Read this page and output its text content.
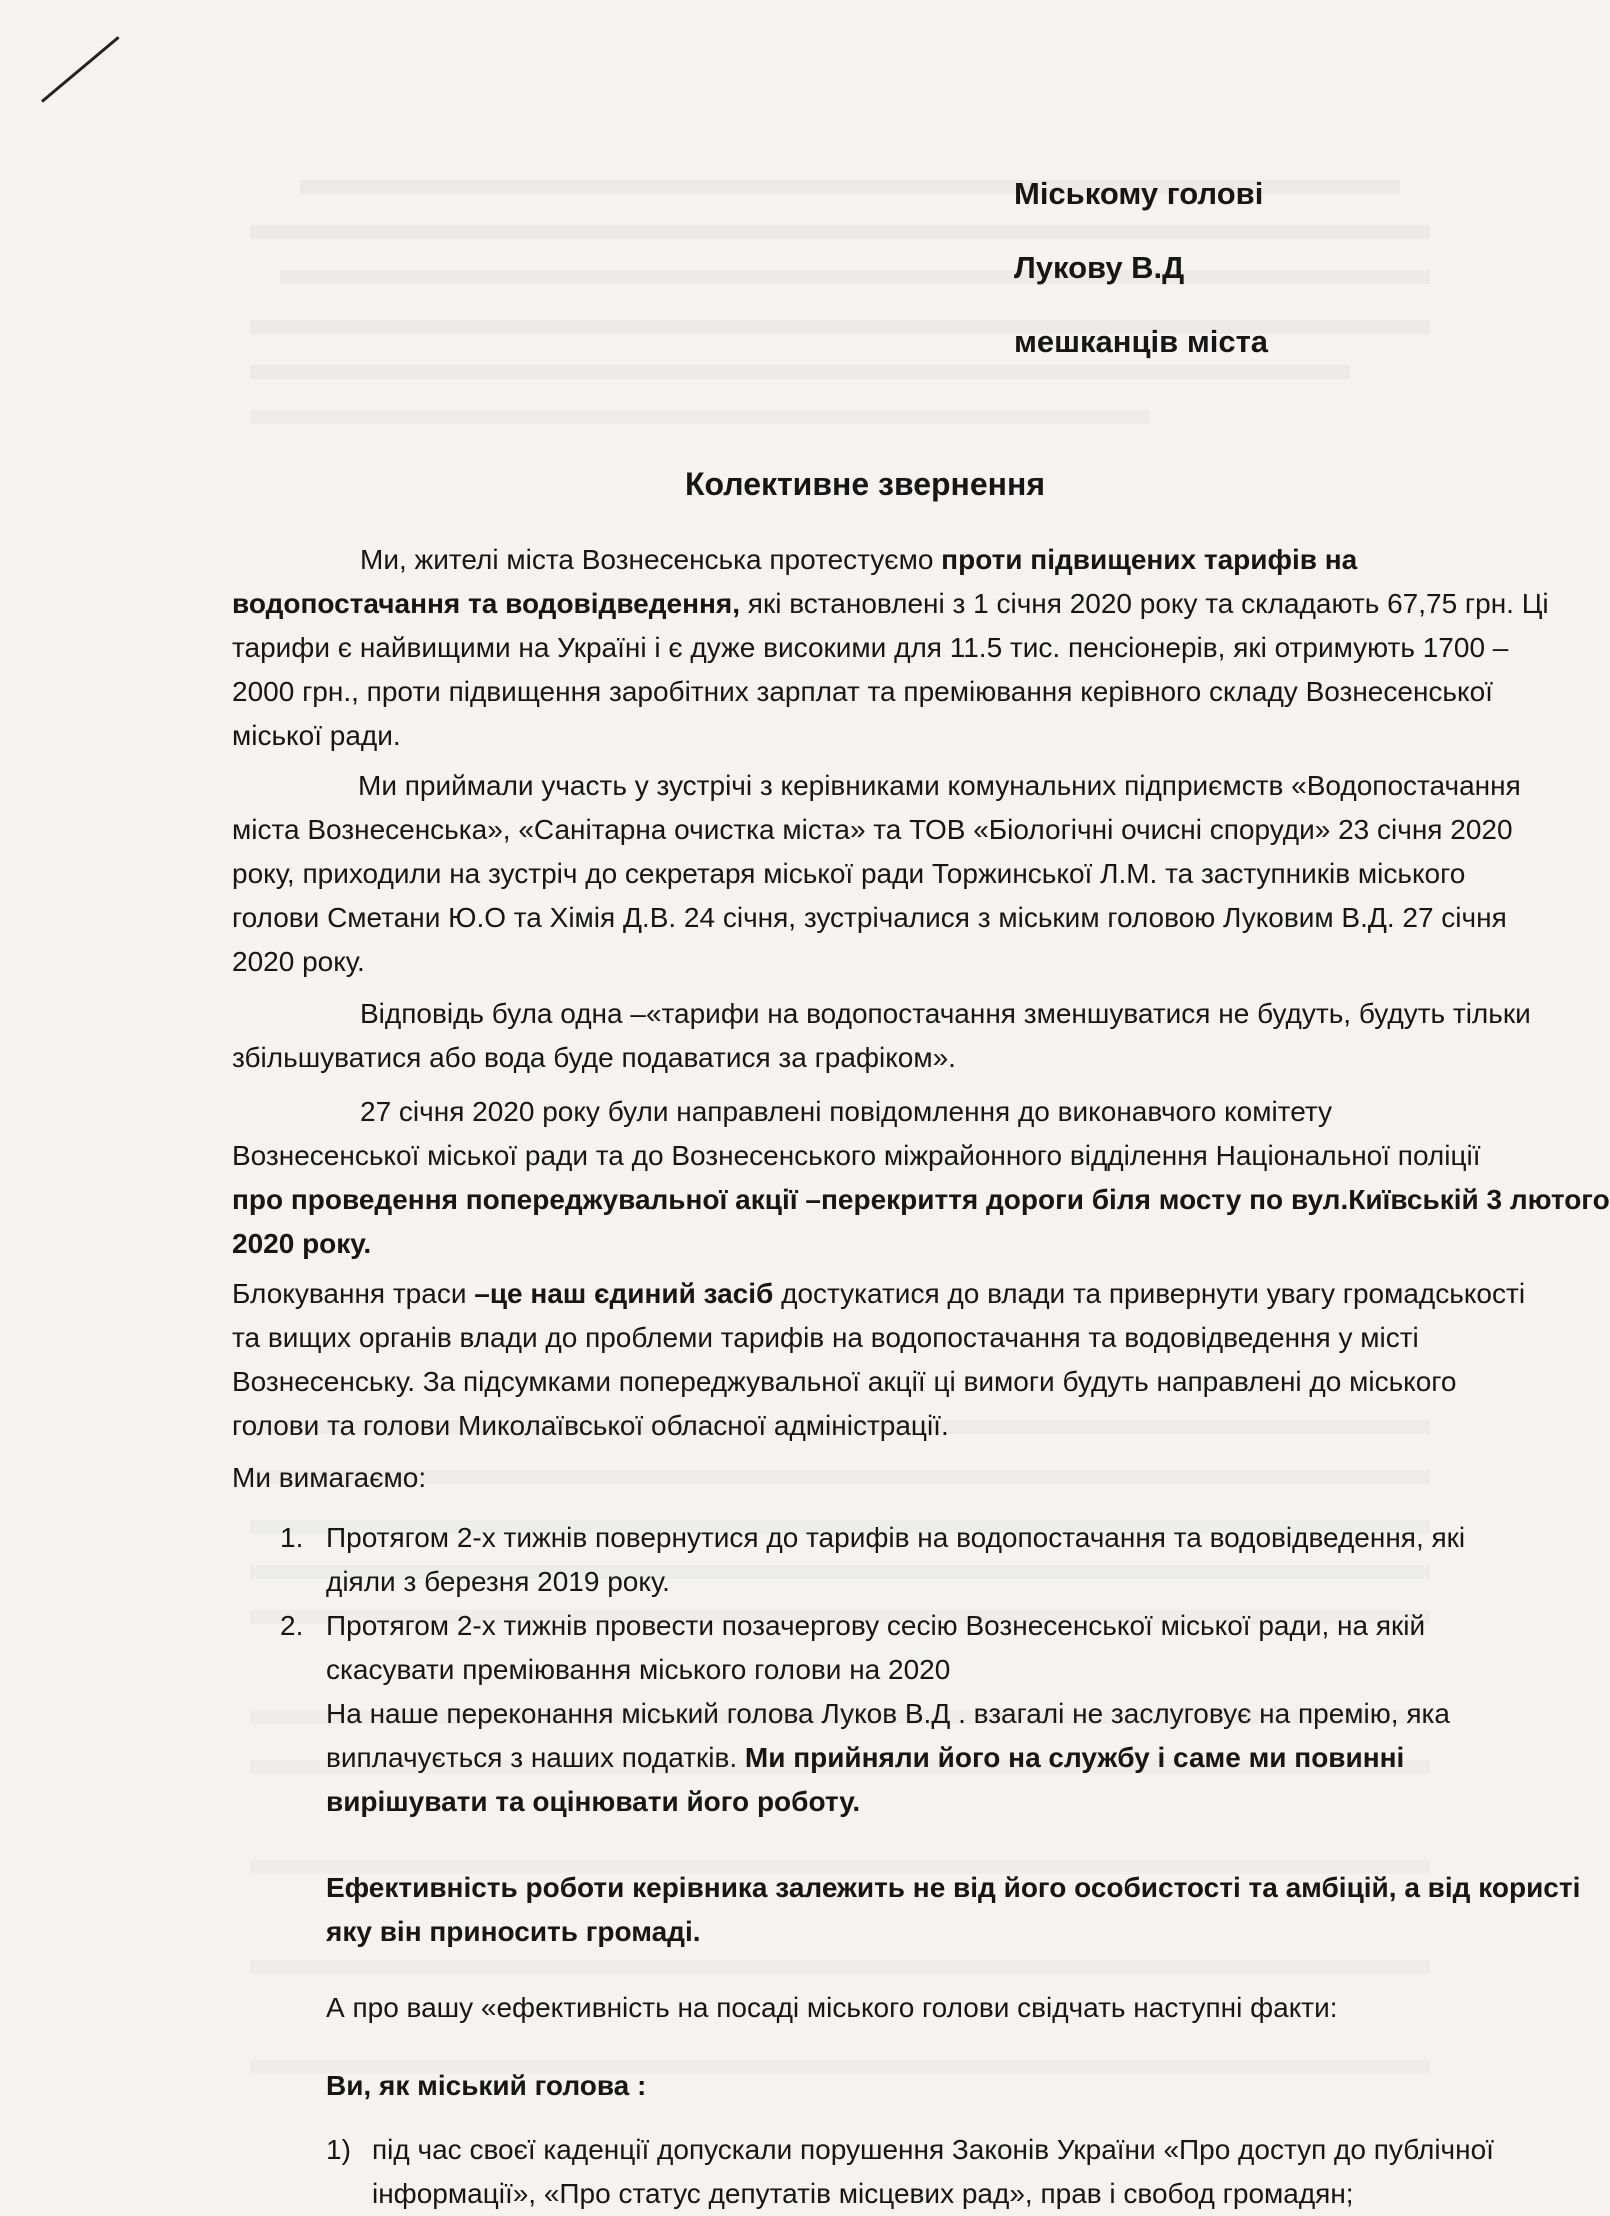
Міському голові
Лукову В.Д
мешканців міста
Колективне звернення
Ми, жителі міста Вознесенська протестуємо проти підвищених тарифів на
водопостачання та водовідведення, які встановлені з 1 січня 2020 року та складають 67,75 грн. Ці
тарифи є найвищими на Україні і є дуже високими для 11.5 тис. пенсіонерів, які отримують 1700 –
2000 грн., проти підвищення заробітних зарплат та преміювання керівного складу Вознесенської
міської ради.
Ми приймали участь у зустрічі з керівниками комунальних підприємств «Водопостачання
міста Вознесенська», «Санітарна очистка міста» та ТОВ «Біологічні очисні споруди» 23 січня 2020
року, приходили на зустріч до секретаря міської ради Торжинської Л.М. та заступників міського
голови Сметани Ю.О та Хімія Д.В. 24 січня, зустрічалися з міським головою Луковим В.Д. 27 січня
2020 року.
Відповідь була одна –«тарифи на водопостачання зменшуватися не будуть, будуть тільки
збільшуватися або вода буде подаватися за графіком».
27 січня 2020 року були направлені повідомлення до виконавчого комітету
Вознесенської міської ради та до Вознесенського міжрайонного відділення Національної поліції
про проведення попереджувальної акції –перекриття дороги біля мосту по вул.Київській 3 лютого
2020 року.
Блокування траси –це наш єдиний засіб достукатися до влади та привернути увагу громадськості
та вищих органів влади до проблеми тарифів на водопостачання та водовідведення у місті
Вознесенську. За підсумками попереджувальної акції ці вимоги будуть направлені до міського
голови та голови Миколаївської обласної адміністрації.
Ми вимагаємо:
1. Протягом 2-х тижнів повернутися до тарифів на водопостачання та водовідведення, які
діяли з березня 2019 року.
2. Протягом 2-х тижнів провести позачергову сесію Вознесенської міської ради, на якій
скасувати преміювання міського голови на 2020
На наше переконання міський голова Луков В.Д . взагалі не заслуговує на премію, яка
виплачується з наших податків. Ми прийняли його на службу і саме ми повинні
вирішувати та оцінювати його роботу.
Ефективність роботи керівника залежить не від його особистості та амбіцій, а від користі
яку він приносить громаді.
А про вашу «ефективність на посаді міського голови свідчать наступні факти:
Ви, як міський голова :
1) під час своєї каденції допускали порушення Законів України «Про доступ до публічної
інформації», «Про статус депутатів місцевих рад», прав і свобод громадян;
